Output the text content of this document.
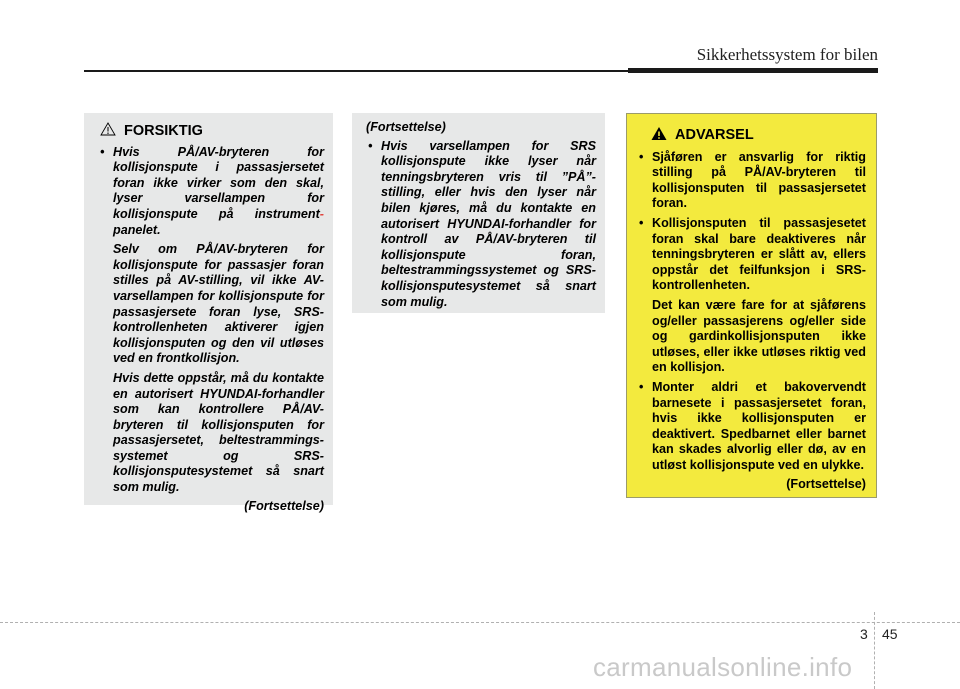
Sikkerhetssystem for bilen
FORSIKTIG
• Hvis PÅ/AV-bryteren for kollisjonspute i passasjersetet foran ikke virker som den skal, lyser varsellampen for kollisjonspute på instrument- panelet.
Selv om PÅ/AV-bryteren for kollisjonspute for passasjer foran stilles på AV-stilling, vil ikke AV-varsellampen for kollisjonspute for passasjersete foran lyse, SRS-kontrollenheten aktiverer igjen kollisjonsputen og den vil utløses ved en frontkollisjon.
Hvis dette oppstår, må du kontakte en autorisert HYUNDAI-forhandler som kan kontrollere PÅ/AV-bryteren til kollisjonsputen for passasjersetet, beltestrammings-systemet og SRS-kollisjonsputesystemet så snart som mulig.
(Fortsettelse)
(Fortsettelse)
• Hvis varsellampen for SRS kollisjonspute ikke lyser når tenningsbryteren vris til ”PÅ”-stilling, eller hvis den lyser når bilen kjøres, må du kontakte en autorisert HYUNDAI-forhandler for kontroll av PÅ/AV-bryteren til kollisjonspute foran, beltestrammingssystemet og SRS-kollisjonsputesystemet så snart som mulig.
ADVARSEL
• Sjåføren er ansvarlig for riktig stilling på PÅ/AV-bryteren til kollisjonsputen til passasjersetet foran.
• Kollisjonsputen til passasjesetet foran skal bare deaktiveres når tenningsbryteren er slått av, ellers oppstår det feilfunksjon i SRS-kontrollenheten.
Det kan være fare for at sjåførens og/eller passasjerens og/eller side og gardinkollisjonsputen ikke utløses, eller ikke utløses riktig ved en kollisjon.
• Monter aldri et bakovervendt barnesete i passasjersetet foran, hvis ikke kollisjonsputen er deaktivert. Spedbarnet eller barnet kan skades alvorlig eller dø, av en utløst kollisjonspute ved en ulykke.
(Fortsettelse)
3 45
carmanualsonline.info
